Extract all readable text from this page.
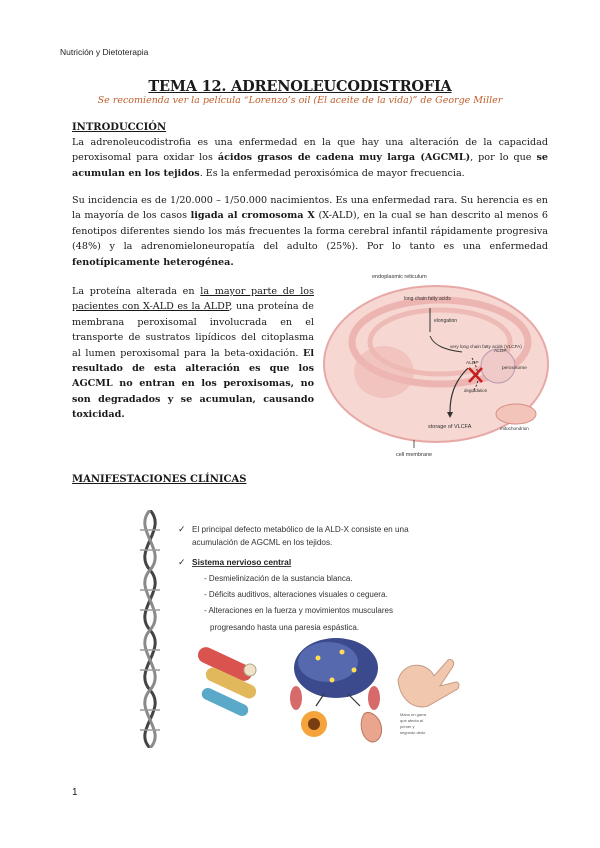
Nutrición y Dietoterapia
TEMA 12. ADRENOLEUCODISTROFIA
Se recomienda ver la película “Lorenzo’s oil (El aceite de la vida)” de George Miller
INTRODUCCIÓN
La adrenoleucodistrofia es una enfermedad en la que hay una alteración de la capacidad peroxisomal para oxidar los ácidos grasos de cadena muy larga (AGCML), por lo que se acumulan en los tejidos. Es la enfermedad peroxisómica de mayor frecuencia.
Su incidencia es de 1/20.000 – 1/50.000 nacimientos. Es una enfermedad rara. Su herencia es en la mayoría de los casos ligada al cromosoma X (X-ALD), en la cual se han descrito al menos 6 fenotipos diferentes siendo los más frecuentes la forma cerebral infantil rápidamente progresiva (48%) y la adrenomieloneuropatía del adulto (25%). Por lo tanto es una enfermedad fenotípicamente heterogénea.
La proteína alterada en la mayor parte de los pacientes con X-ALD es la ALDP, una proteína de membrana peroxisomal involucrada en el transporte de sustratos lipídicos del citoplasma al lumen peroxisomal para la beta-oxidación. El resultado de esta alteración es que los AGCML no entran en los peroxisomas, no son degradados y se acumulan, causando toxicidad.
endoplasmic reticulum
long chain fatty acids
elongation
very long chain fatty acids (VLCFA)
ALDP
ALDP
peroxisome
degradation
storage of VLCFA	mitochondrion
cell membrane
MANIFESTACIONES CLÍNICAS
✓ El principal defecto metabólico de la ALD-X consiste en una
acumulación de AGCML en los tejidos.
✓ Sistema nervioso central
- Desmielinización de la sustancia blanca.
- Déficits auditivos, alteraciones visuales o ceguera.
- Alteraciones en la fuerza y movimientos musculares
progresando hasta una paresia espástica.
Mano en garra
que afecta al
primer y
segundo dedo
1
